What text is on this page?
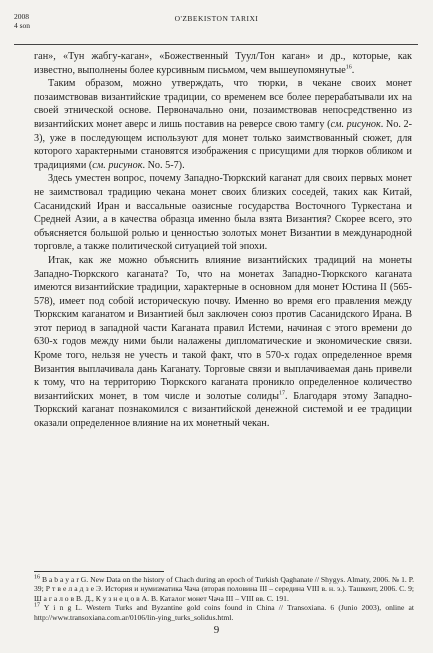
2008
4 son
O'ZBEKISTON TARIXI

ган», «Тун жабгу-каган», «Божественный Туул/Тон каган» и др., которые, как известно, выполнены более курсивным письмом, чем вышеупомянутые$^{16}$.

Таким образом, можно утверждать, что тюрки, в чекане своих монет позаимствовав византийские традиции, со временем все более перерабатывали их на своей этнической основе. Первоначально они, позаимствовав непосредственно из византийских монет аверс и лишь поставив на реверсе свою тамгу (см. рисунок. No. 2-3), уже в последующем используют для монет только заимствованный сюжет, для которого характерными становятся изображения с присущими для тюрков обликом и традициями (см. рисунок. No. 5-7).

Здесь уместен вопрос, почему Западно-Тюркский каганат для своих первых монет не заимствовал традицию чекана монет своих близких соседей, таких как Китай, Сасанидский Иран и вассальные оазисные государства Восточного Туркестана и Средней Азии, а в качества образца именно была взята Византия? Скорее всего, это объясняется большой ролью и ценностью золотых монет Византии в международной торговле, а также политической ситуацией той эпохи.

Итак, как же можно объяснить влияние византийских традиций на монеты Западно-Тюркского каганата? То, что на монетах Западно-Тюркского каганата имеются византийские традиции, характерные в основном для монет Юстина II (565-578), имеет под собой историческую почву. Именно во время его правления между Тюркским каганатом и Византией был заключен союз против Сасанидского Ирана. В этот период в западной части Каганата правил Истеми, начиная с этого времени до 630-х годов между ними были налажены дипломатические и экономические связи. Кроме того, нельзя не учесть и такой факт, что в 570-х годах определенное время Византия выплачивала дань Каганату. Торговые связи и выплачиваемая дань привели к тому, что на территорию Тюркского каганата проникло определенное количество византийских монет, в том числе и золотые солиды$^{17}$. Благодаря этому Западно-Тюркский каганат познакомился с византийской денежной системой и ее традиции оказали определенное влияние на их монетный чекан.

$^{16}$ B a b a y a r G. New Data on the history of Chach during an epoch of Turkish Qaghanate // Shygys. Almaty, 2006. № 1. P. 39; Р т в е л а д з е Э. История и нумизматика Чача (вторая половина III – середина VIII в. н. э.). Ташкент, 2006. С. 9; Ш а г а л о в В. Д., К у з н е ц о в А. В. Каталог монет Чача III – VIII вв. С. 191.

$^{17}$ Y i n g L. Western Turks and Byzantine gold coins found in China // Transoxiana. 6 (Junio 2003), online at http://www.transoxiana.com.ar/0106/lin-ying_turks_solidus.html.

9
